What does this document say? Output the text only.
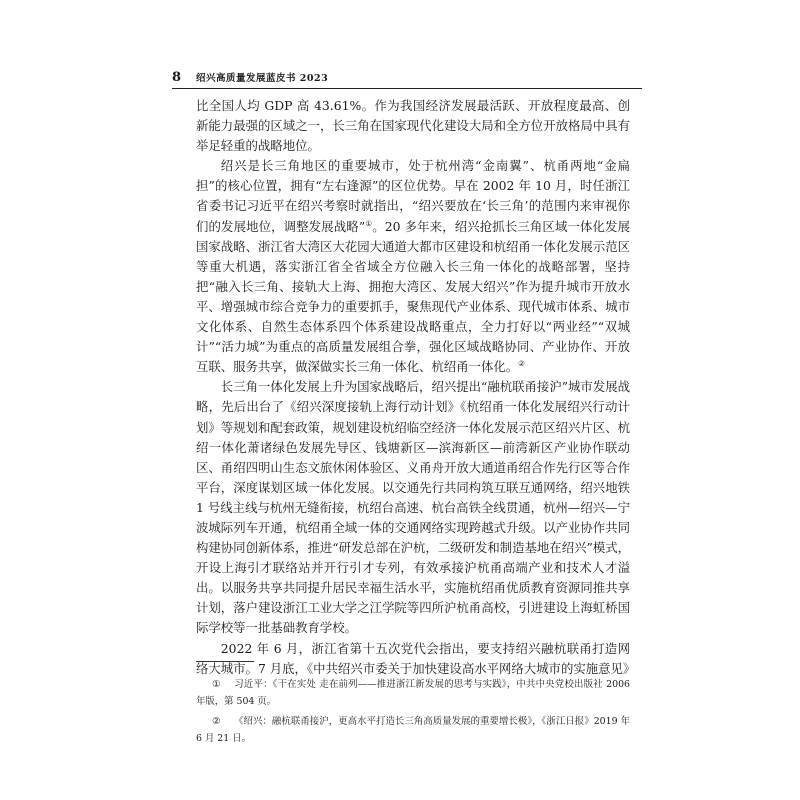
8	绍兴高质量发展蓝皮书 2023

比全国人均 GDP 高 43.61%。作为我国经济发展最活跃、开放程度最高、创新能力最强的区域之一，长三角在国家现代化建设大局和全方位开放格局中具有举足轻重的战略地位。

绍兴是长三角地区的重要城市，处于杭州湾“金南翼”、杭甬两地“金扁担”的核心位置，拥有“左右逢源”的区位优势。早在 2002 年 10 月，时任浙江省委书记习近平在绍兴考察时就指出，“绍兴要放在‘长三角’的范围内来审视你们的发展地位，调整发展战略”①。20 多年来，绍兴抢抓长三角区域一体化发展国家战略、浙江省大湾区大花园大通道大都市区建设和杭绍甬一体化发展示范区等重大机遇，落实浙江省全省域全方位融入长三角一体化的战略部署，坚持把“融入长三角、接轨大上海、拥抱大湾区、发展大绍兴”作为提升城市开放水平、增强城市综合竞争力的重要抓手，聚焦现代产业体系、现代城市体系、城市文化体系、自然生态体系四个体系建设战略重点，全力打好以“两业经”“双城计”“活力城”为重点的高质量发展组合拳，强化区域战略协同、产业协作、开放互联、服务共享，做深做实长三角一体化、杭绍甬一体化。②

长三角一体化发展上升为国家战略后，绍兴提出“融杭联甬接沪”城市发展战略，先后出台了《绍兴深度接轨上海行动计划》《杭绍甬一体化发展绍兴行动计划》等规划和配套政策，规划建设杭绍临空经济一体化发展示范区绍兴片区、杭绍一体化萧诸绿色发展先导区、钱塘新区—滨海新区—前湾新区产业协作联动区、甬绍四明山生态文旅休闲体验区、义甬舟开放大通道甬绍合作先行区等合作平台，深度谋划区域一体化发展。以交通先行共同构筑互联互通网络，绍兴地铁 1 号线主线与杭州无缝衔接，杭绍台高速、杭台高铁全线贯通，杭州—绍兴—宁波城际列车开通，杭绍甬全域一体的交通网络实现跨越式升级。以产业协作共同构建协同创新体系，推进“研发总部在沪杭，二级研发和制造基地在绍兴”模式，开设上海引才联络站并开行引才专列，有效承接沪杭甬高端产业和技术人才溢出。以服务共享共同提升居民幸福生活水平，实施杭绍甬优质教育资源同推共享计划，落户建设浙江工业大学之江学院等四所沪杭甬高校，引进建设上海虹桥国际学校等一批基础教育学校。

2022 年 6 月，浙江省第十五次党代会指出，要支持绍兴融杭联甬打造网络大城市。7 月底，《中共绍兴市委关于加快建设高水平网络大城市的实施意见》

① 习近平：《干在实处 走在前列——推进浙江新发展的思考与实践》，中共中央党校出版社 2006 年版，第 504 页。

② 《绍兴：融杭联甬接沪，更高水平打造长三角高质量发展的重要增长极》，《浙江日报》2019 年 6 月 21 日。
